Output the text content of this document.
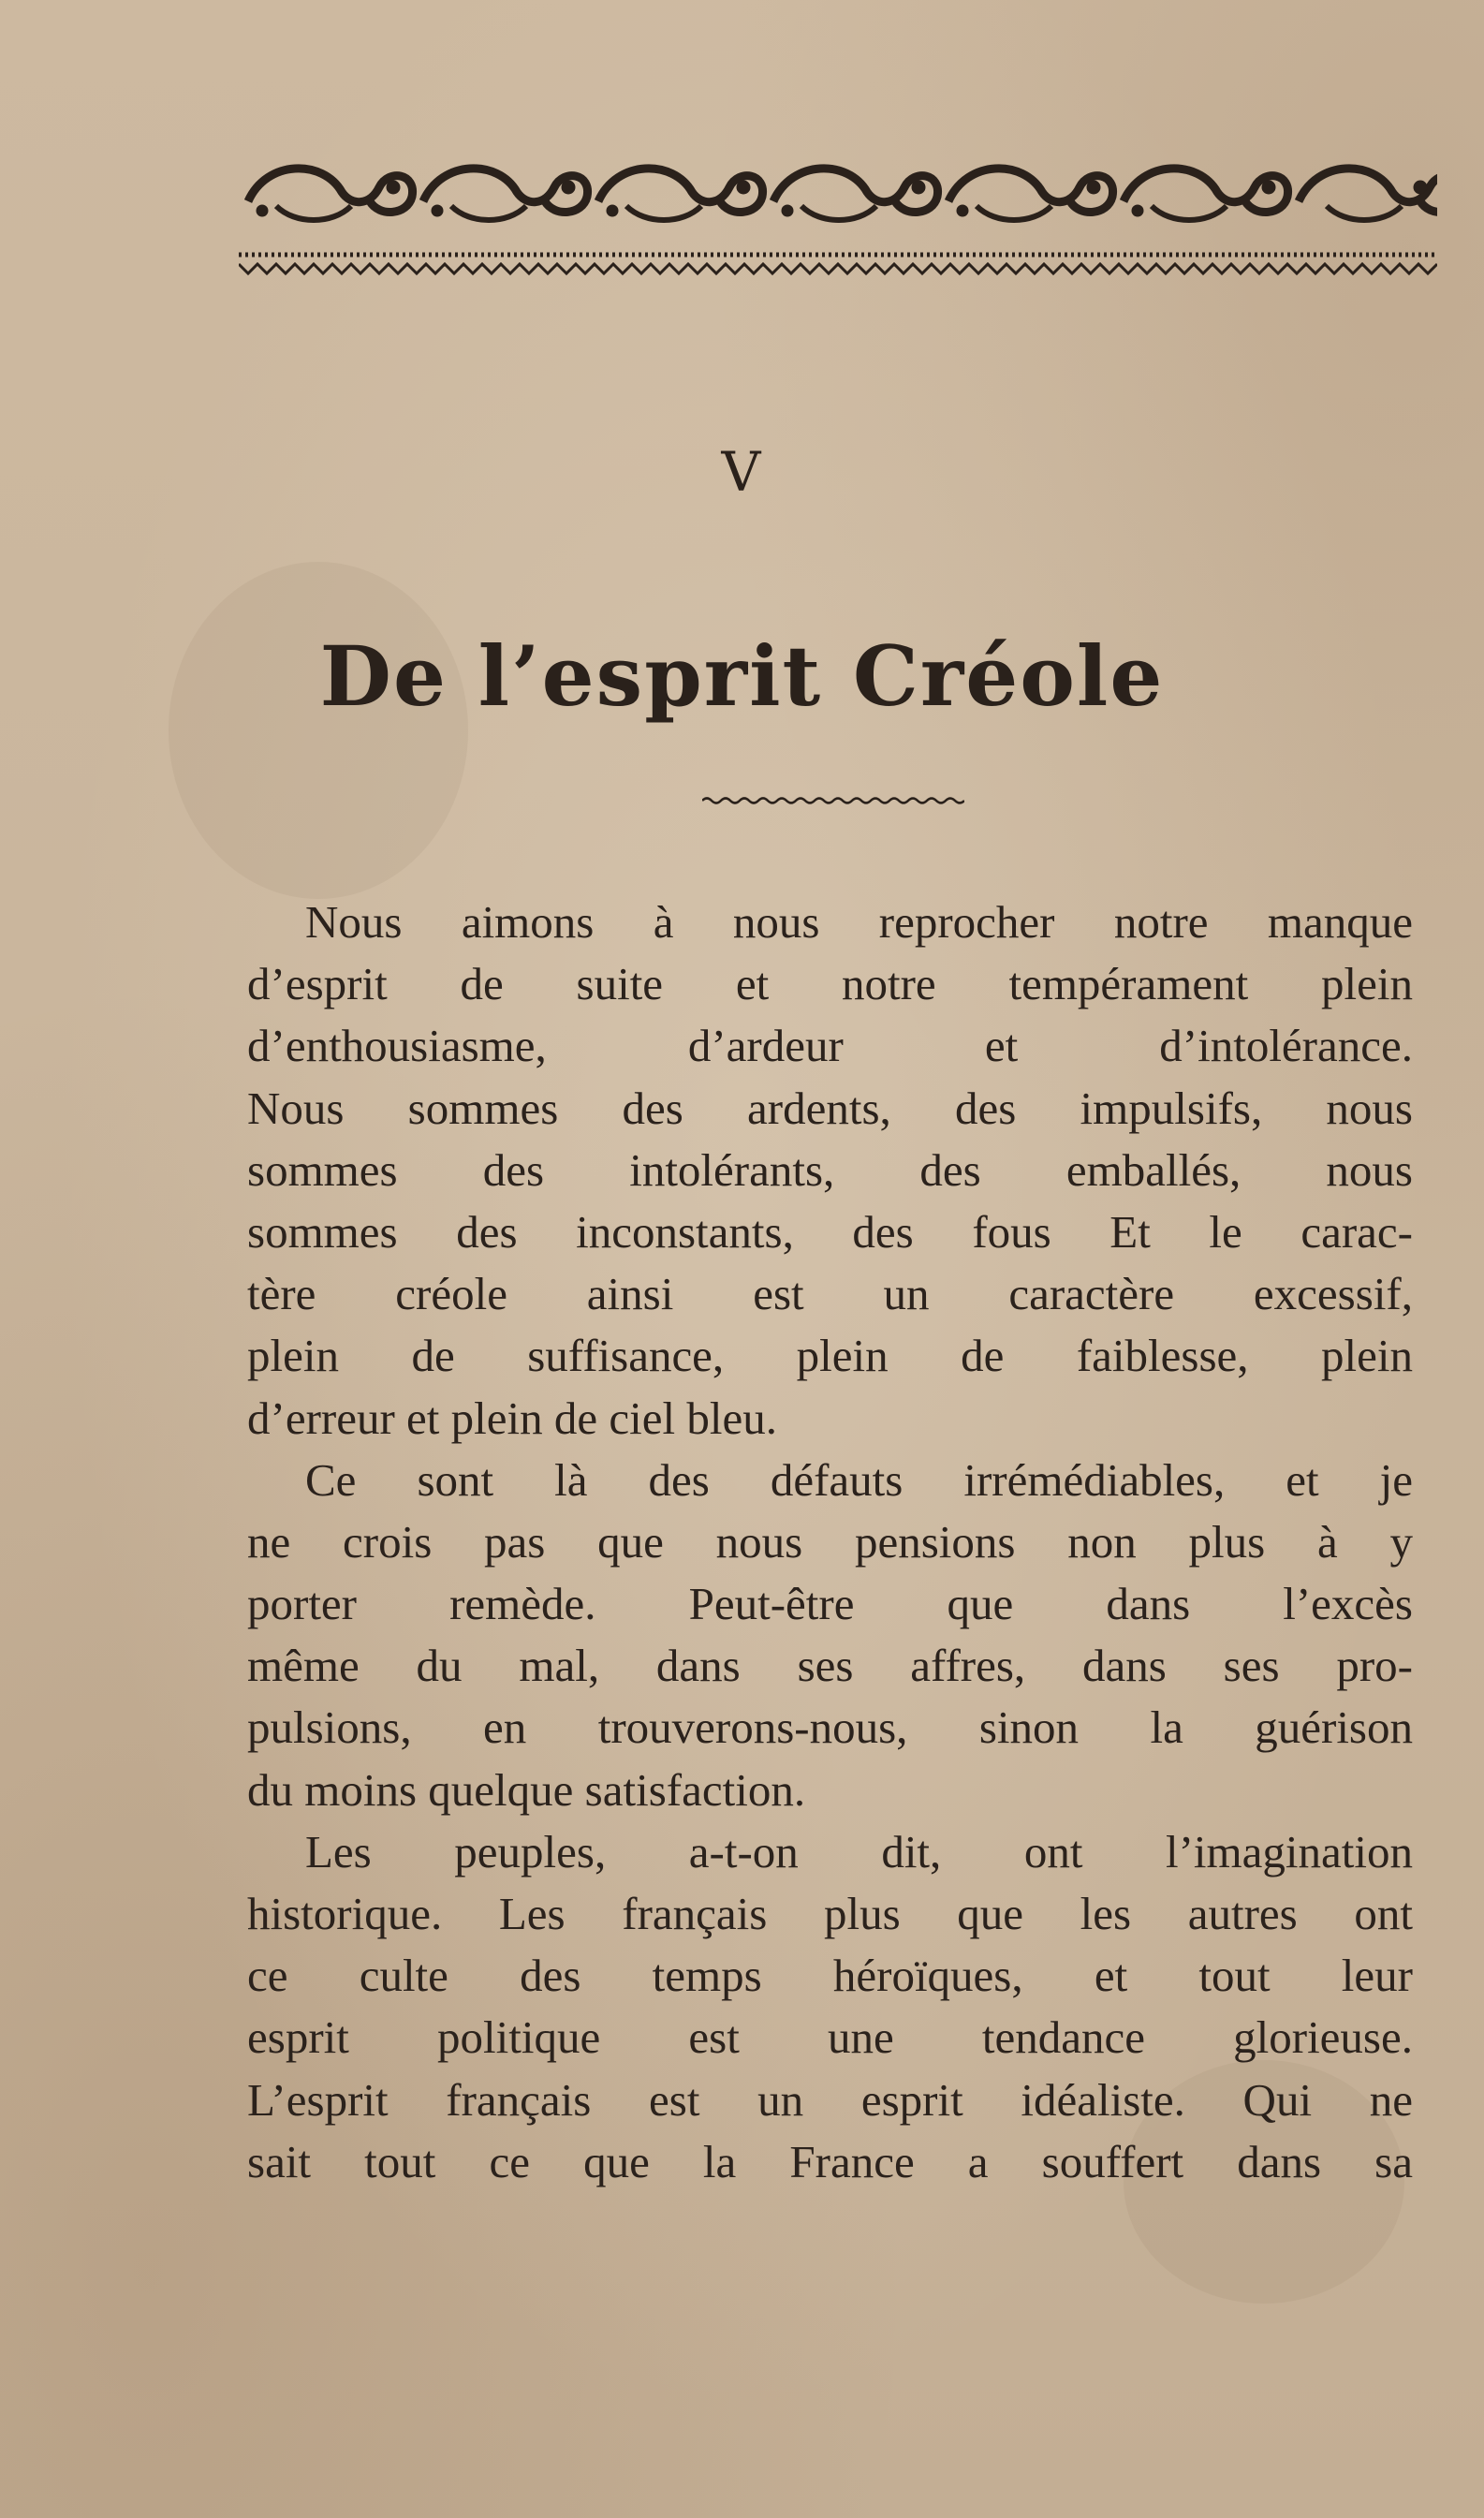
V
De l’esprit Créole
Nous aimons à nous reprocher notre manque
d’esprit de suite et notre tempérament plein
d’enthousiasme, d’ardeur et d’intolérance.
Nous sommes des ardents, des impulsifs, nous
sommes des intolérants, des emballés, nous
sommes des inconstants, des fous Et le carac-
tère créole ainsi est un caractère excessif,
plein de suffisance, plein de faiblesse, plein
d’erreur et plein de ciel bleu.
Ce sont là des défauts irrémédiables, et je
ne crois pas que nous pensions non plus à y
porter remède. Peut-être que dans l’excès
même du mal, dans ses affres, dans ses pro-
pulsions, en trouverons-nous, sinon la guérison
du moins quelque satisfaction.
Les peuples, a-t-on dit, ont l’imagination
historique. Les français plus que les autres ont
ce culte des temps héroïques, et tout leur
esprit politique est une tendance glorieuse.
L’esprit français est un esprit idéaliste. Qui ne
sait tout ce que la France a souffert dans sa
